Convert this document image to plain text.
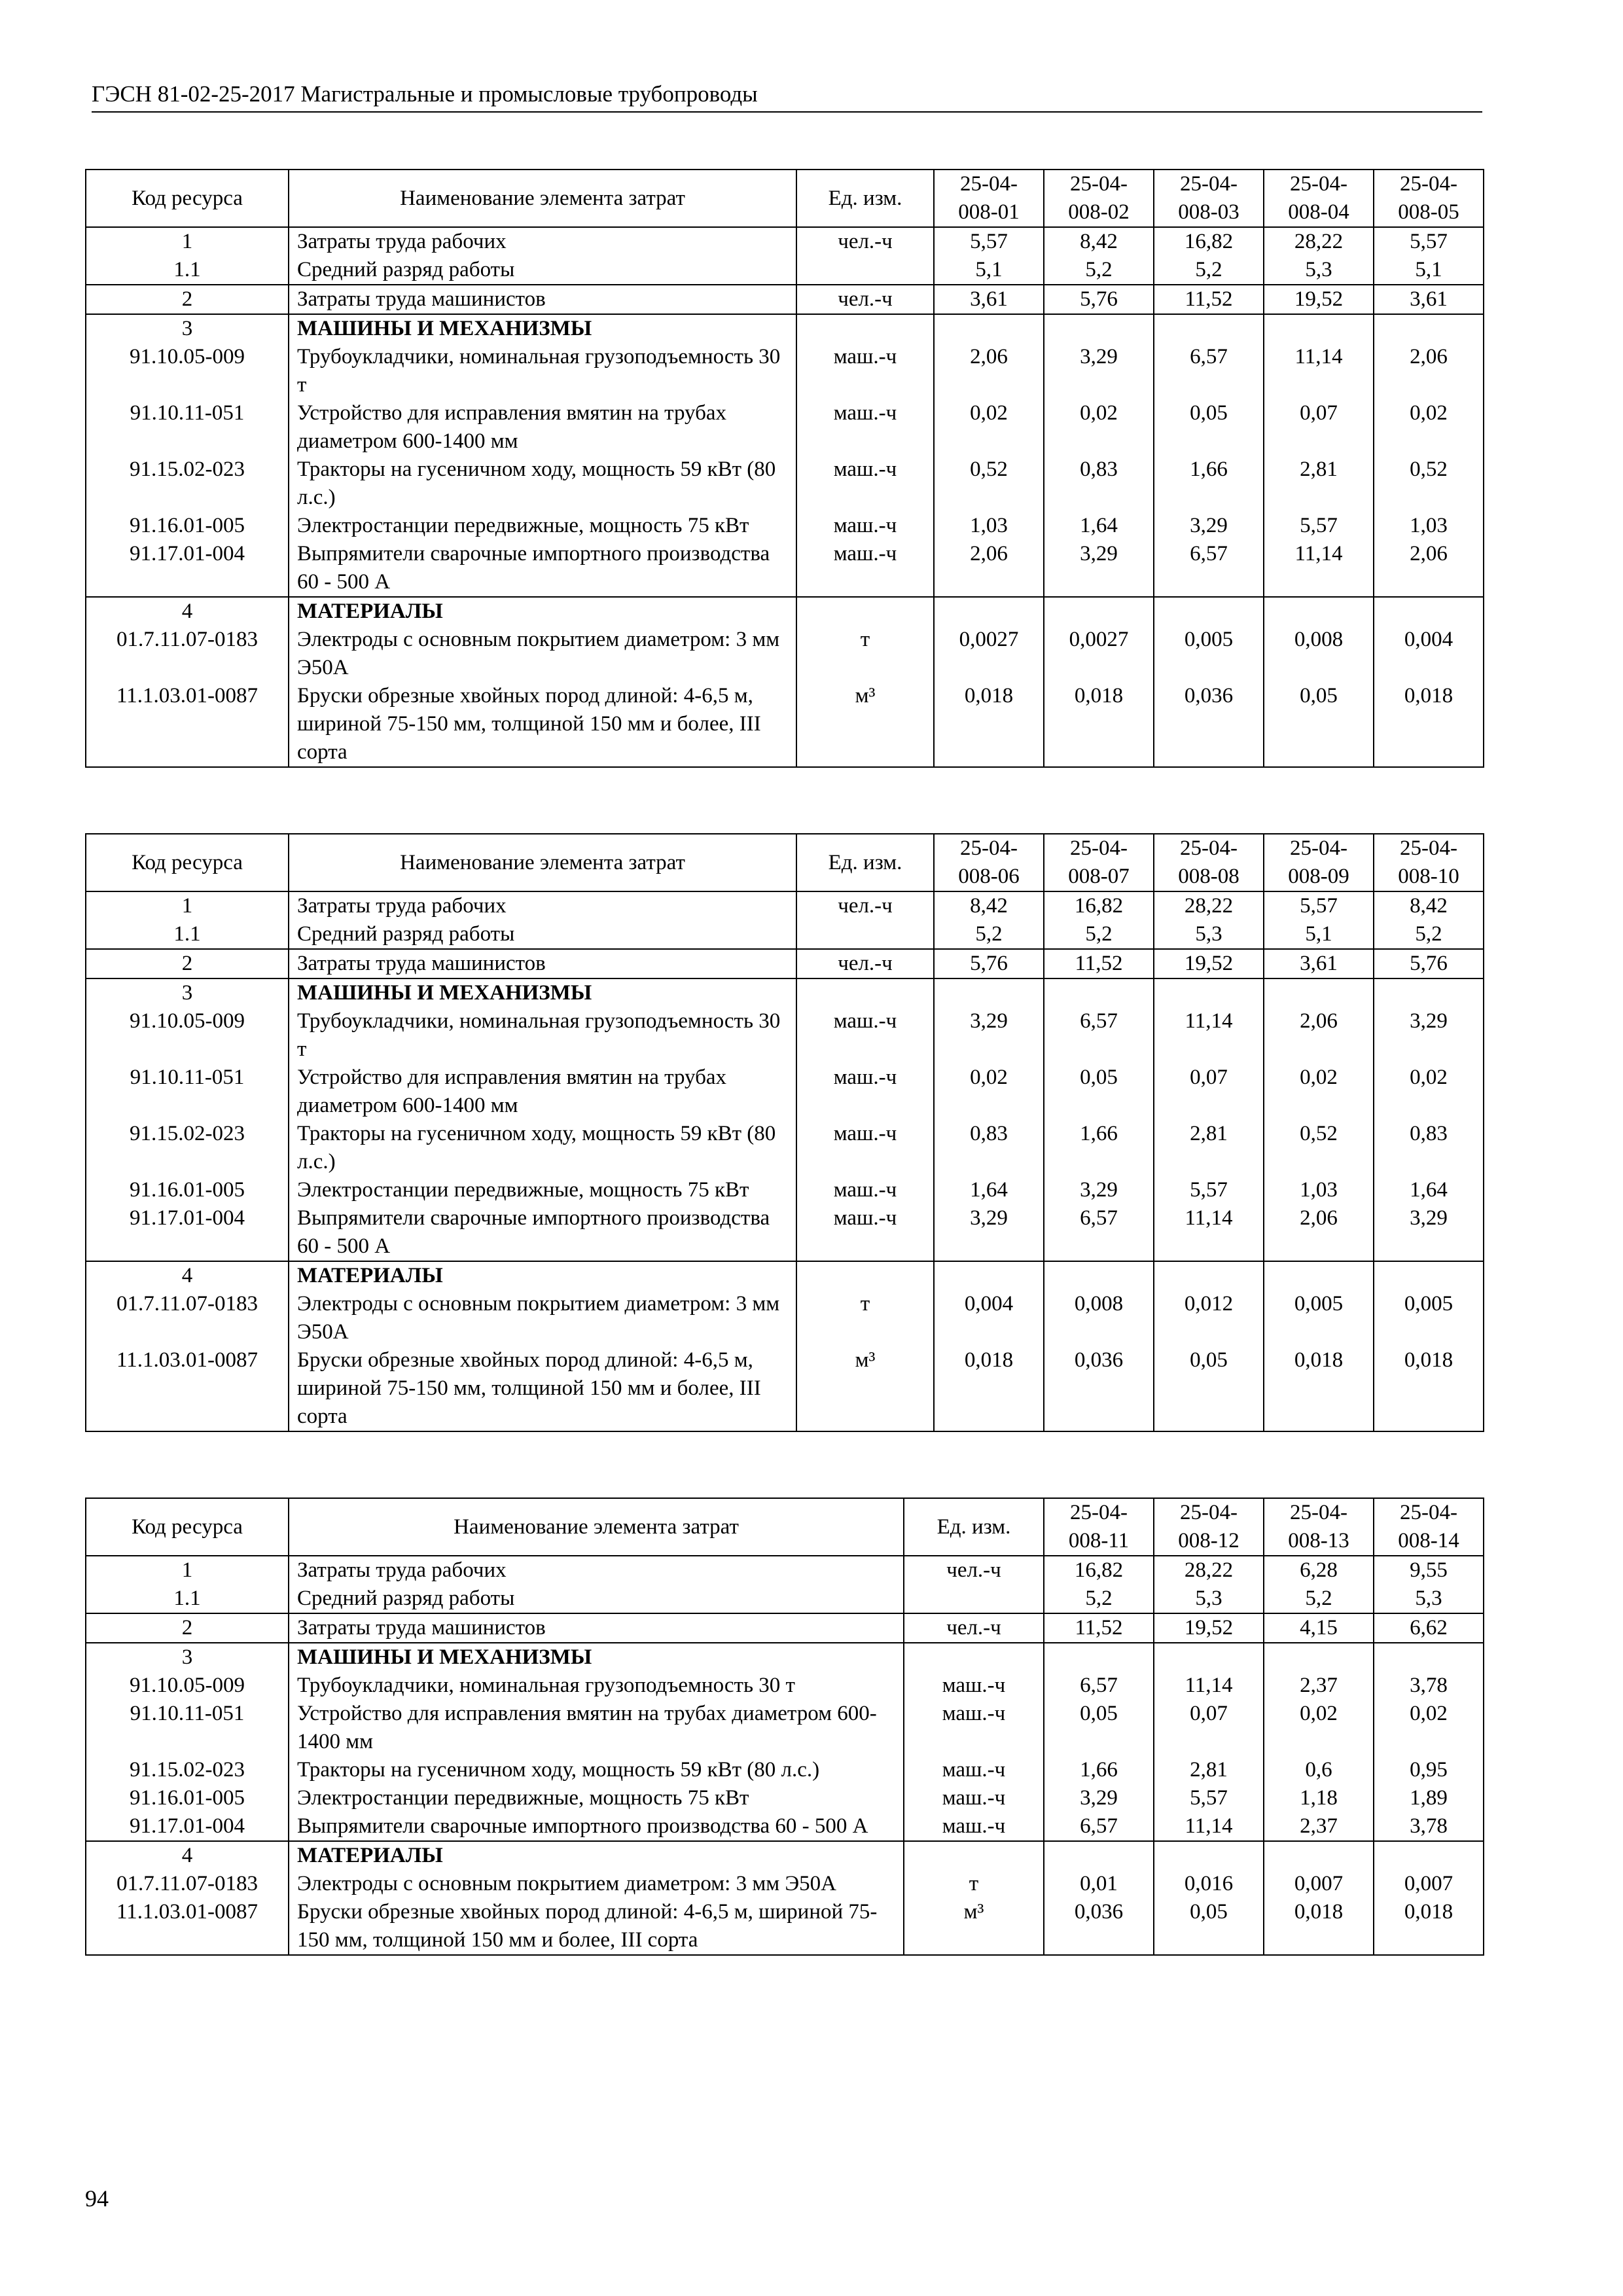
ГЭСН 81-02-25-2017 Магистральные и промысловые трубопроводы
Код ресурса	Наименование элемента затрат	Ед. изм.	25-04-008-01	25-04-008-02	25-04-008-03	25-04-008-04	25-04-008-05
1	Затраты труда рабочих	чел.-ч	5,57	8,42	16,82	28,22	5,57
1.1	Средний разряд работы		5,1	5,2	5,2	5,3	5,1
2	Затраты труда машинистов	чел.-ч	3,61	5,76	11,52	19,52	3,61
3	МАШИНЫ И МЕХАНИЗМЫ						
91.10.05-009	Трубоукладчики, номинальная грузоподъемность 30 т	маш.-ч	2,06	3,29	6,57	11,14	2,06
91.10.11-051	Устройство для исправления вмятин на трубах диаметром 600-1400 мм	маш.-ч	0,02	0,02	0,05	0,07	0,02
91.15.02-023	Тракторы на гусеничном ходу, мощность 59 кВт (80 л.с.)	маш.-ч	0,52	0,83	1,66	2,81	0,52
91.16.01-005	Электростанции передвижные, мощность 75 кВт	маш.-ч	1,03	1,64	3,29	5,57	1,03
91.17.01-004	Выпрямители сварочные импортного производства 60 - 500 А	маш.-ч	2,06	3,29	6,57	11,14	2,06
4	МАТЕРИАЛЫ						
01.7.11.07-0183	Электроды с основным покрытием диаметром: 3 мм Э50А	т	0,0027	0,0027	0,005	0,008	0,004
11.1.03.01-0087	Бруски обрезные хвойных пород длиной: 4-6,5 м, шириной 75-150 мм, толщиной 150 мм и более, III сорта	м³	0,018	0,018	0,036	0,05	0,018
Код ресурса	Наименование элемента затрат	Ед. изм.	25-04-008-06	25-04-008-07	25-04-008-08	25-04-008-09	25-04-008-10
1	Затраты труда рабочих	чел.-ч	8,42	16,82	28,22	5,57	8,42
1.1	Средний разряд работы		5,2	5,2	5,3	5,1	5,2
2	Затраты труда машинистов	чел.-ч	5,76	11,52	19,52	3,61	5,76
3	МАШИНЫ И МЕХАНИЗМЫ						
91.10.05-009	Трубоукладчики, номинальная грузоподъемность 30 т	маш.-ч	3,29	6,57	11,14	2,06	3,29
91.10.11-051	Устройство для исправления вмятин на трубах диаметром 600-1400 мм	маш.-ч	0,02	0,05	0,07	0,02	0,02
91.15.02-023	Тракторы на гусеничном ходу, мощность 59 кВт (80 л.с.)	маш.-ч	0,83	1,66	2,81	0,52	0,83
91.16.01-005	Электростанции передвижные, мощность 75 кВт	маш.-ч	1,64	3,29	5,57	1,03	1,64
91.17.01-004	Выпрямители сварочные импортного производства 60 - 500 А	маш.-ч	3,29	6,57	11,14	2,06	3,29
4	МАТЕРИАЛЫ						
01.7.11.07-0183	Электроды с основным покрытием диаметром: 3 мм Э50А	т	0,004	0,008	0,012	0,005	0,005
11.1.03.01-0087	Бруски обрезные хвойных пород длиной: 4-6,5 м, шириной 75-150 мм, толщиной 150 мм и более, III сорта	м³	0,018	0,036	0,05	0,018	0,018
Код ресурса	Наименование элемента затрат	Ед. изм.	25-04-008-11	25-04-008-12	25-04-008-13	25-04-008-14
1	Затраты труда рабочих	чел.-ч	16,82	28,22	6,28	9,55
1.1	Средний разряд работы		5,2	5,3	5,2	5,3
2	Затраты труда машинистов	чел.-ч	11,52	19,52	4,15	6,62
3	МАШИНЫ И МЕХАНИЗМЫ					
91.10.05-009	Трубоукладчики, номинальная грузоподъемность 30 т	маш.-ч	6,57	11,14	2,37	3,78
91.10.11-051	Устройство для исправления вмятин на трубах диаметром 600-1400 мм	маш.-ч	0,05	0,07	0,02	0,02
91.15.02-023	Тракторы на гусеничном ходу, мощность 59 кВт (80 л.с.)	маш.-ч	1,66	2,81	0,6	0,95
91.16.01-005	Электростанции передвижные, мощность 75 кВт	маш.-ч	3,29	5,57	1,18	1,89
91.17.01-004	Выпрямители сварочные импортного производства 60 - 500 А	маш.-ч	6,57	11,14	2,37	3,78
4	МАТЕРИАЛЫ					
01.7.11.07-0183	Электроды с основным покрытием диаметром: 3 мм Э50А	т	0,01	0,016	0,007	0,007
11.1.03.01-0087	Бруски обрезные хвойных пород длиной: 4-6,5 м, шириной 75-150 мм, толщиной 150 мм и более, III сорта	м³	0,036	0,05	0,018	0,018
94
